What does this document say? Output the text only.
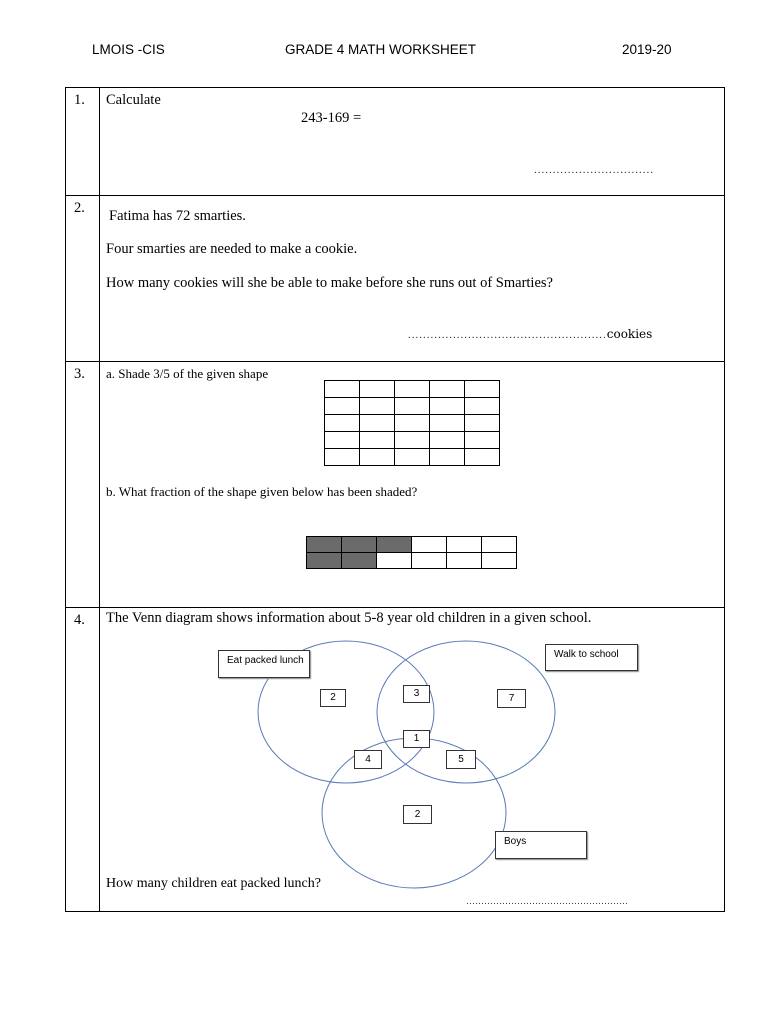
LMOIS -CIS	GRADE 4 MATH WORKSHEET	2019-20
1.	Calculate
243-169 =
................................

2.	Fatima has 72 smarties.
Four smarties are needed to make a cookie.
How many cookies will she be able to make before she runs out of Smarties?
.....................................................cookies

3.	a. Shade 3/5 of the given shape

b. What fraction of the shape given below has been shaded?

4.	The Venn diagram shows information about 5-8 year old children in a given school.
Eat packed lunch
Walk to school
Boys
2	3	7
1
4	5
2
How many children eat packed lunch?
………………………………………………
